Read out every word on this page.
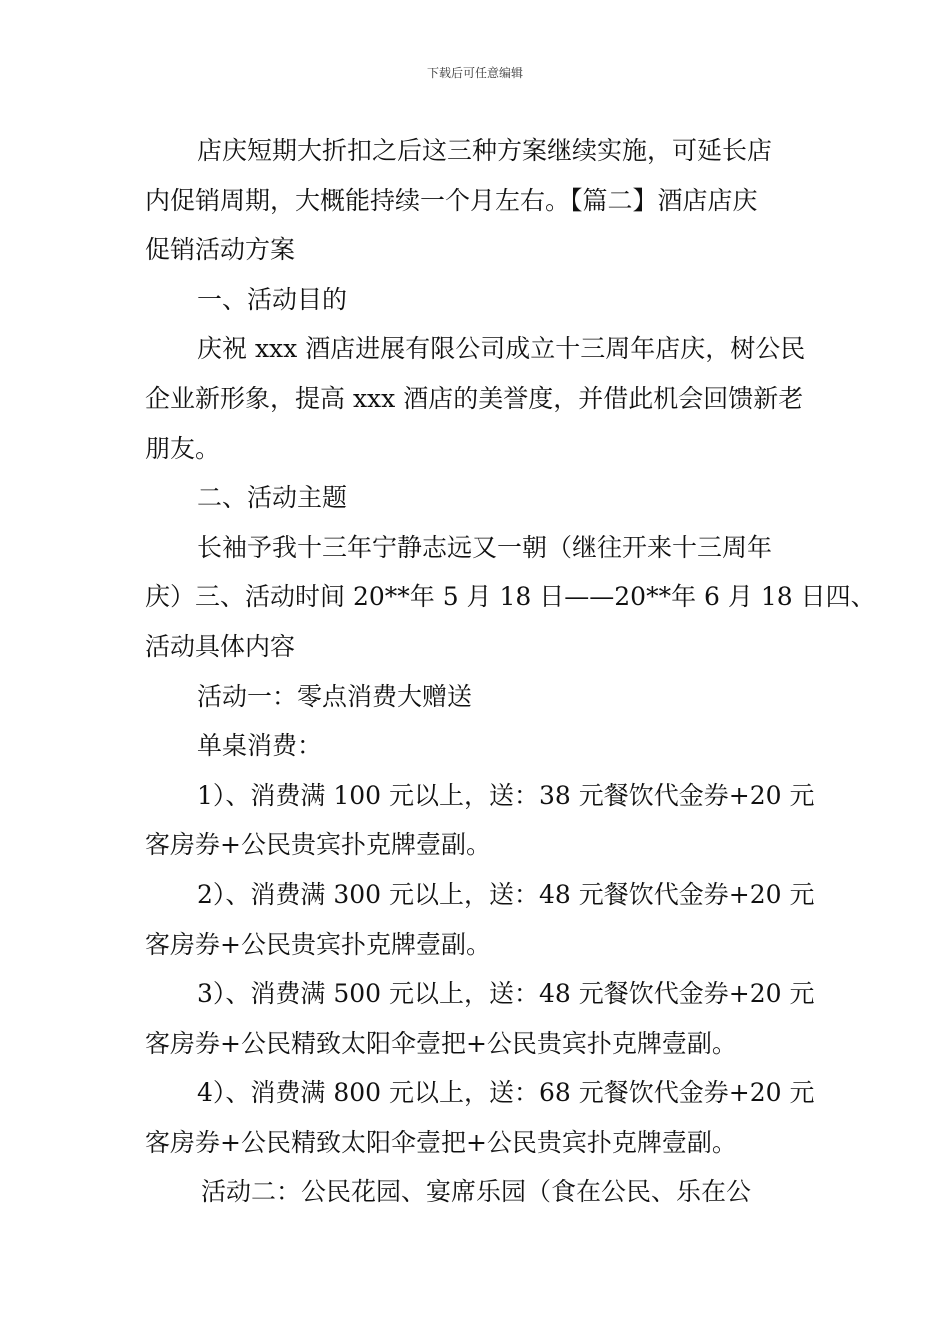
下载后可任意编辑

店庆短期大折扣之后这三种方案继续实施，可延长店
内促销周期，大概能持续一个月左右。【篇二】酒店店庆
促销活动方案

一、活动目的

庆祝 xxx 酒店进展有限公司成立十三周年店庆，树公民
企业新形象，提高 xxx 酒店的美誉度，并借此机会回馈新老
朋友。

二、活动主题

长袖予我十三年宁静志远又一朝（继往开来十三周年
庆）三、活动时间 20**年 5 月 18 日——20**年 6 月 18 日四、
活动具体内容

活动一：零点消费大赠送

单桌消费：

1）、消费满 100 元以上，送：38 元餐饮代金券+20 元
客房券+公民贵宾扑克牌壹副。

2）、消费满 300 元以上，送：48 元餐饮代金券+20 元
客房券+公民贵宾扑克牌壹副。

3）、消费满 500 元以上，送：48 元餐饮代金券+20 元
客房券+公民精致太阳伞壹把+公民贵宾扑克牌壹副。

4）、消费满 800 元以上，送：68 元餐饮代金券+20 元
客房券+公民精致太阳伞壹把+公民贵宾扑克牌壹副。

活动二：公民花园、宴席乐园（食在公民、乐在公
